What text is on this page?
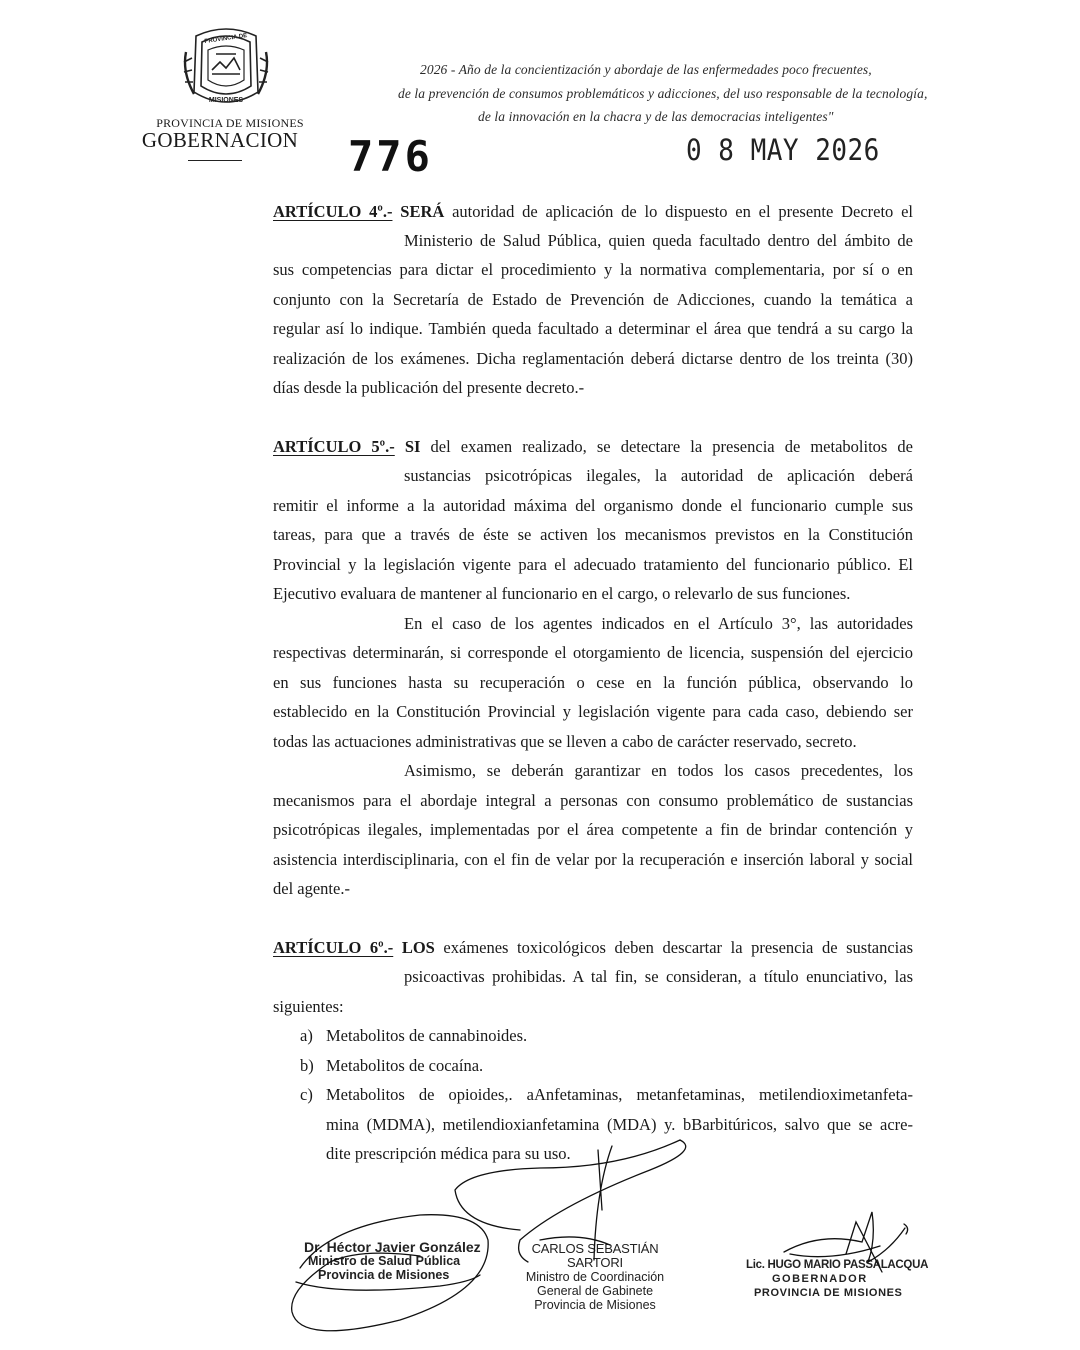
PROVINCIA DE
MISIONES
PROVINCIA DE MISIONES
GOBERNACION
2026 - Año de la concientización y abordaje de las enfermedades poco frecuentes,
de la prevención de consumos problemáticos y adicciones, del uso responsable de la tecnología,
de la innovación en la chacra y de las democracias inteligentes"
776	0 8 MAY 2026
ARTÍCULO 4º.- SERÁ autoridad de aplicación de lo dispuesto en el presente Decreto el
Ministerio de Salud Pública, quien queda facultado dentro del ámbito de
sus competencias para dictar el procedimiento y la normativa complementaria, por sí o en
conjunto con la Secretaría de Estado de Prevención de Adicciones, cuando la temática a
regular así lo indique. También queda facultado a determinar el área que tendrá a su cargo la
realización de los exámenes. Dicha reglamentación deberá dictarse dentro de los treinta (30)
días desde la publicación del presente decreto.-
ARTÍCULO 5º.- SI del examen realizado, se detectare la presencia de metabolitos de
sustancias psicotrópicas ilegales, la autoridad de aplicación deberá
remitir el informe a la autoridad máxima del organismo donde el funcionario cumple sus
tareas, para que a través de éste se activen los mecanismos previstos en la Constitución
Provincial y la legislación vigente para el adecuado tratamiento del funcionario público. El
Ejecutivo evaluara de mantener al funcionario en el cargo, o relevarlo de sus funciones.
En el caso de los agentes indicados en el Artículo 3°, las autoridades
respectivas determinarán, si corresponde el otorgamiento de licencia, suspensión del ejercicio
en sus funciones hasta su recuperación o cese en la función pública, observando lo
establecido en la Constitución Provincial y legislación vigente para cada caso, debiendo ser
todas las actuaciones administrativas que se lleven a cabo de carácter reservado, secreto.
Asimismo, se deberán garantizar en todos los casos precedentes, los
mecanismos para el abordaje integral a personas con consumo problemático de sustancias
psicotrópicas ilegales, implementadas por el área competente a fin de brindar contención y
asistencia interdisciplinaria, con el fin de velar por la recuperación e inserción laboral y social
del agente.-
ARTÍCULO 6º.- LOS exámenes toxicológicos deben descartar la presencia de sustancias
psicoactivas prohibidas. A tal fin, se consideran, a título enunciativo, las
siguientes:
a) Metabolitos de cannabinoides.
b) Metabolitos de cocaína.
c) Metabolitos de opioides,. aAnfetaminas, metanfetaminas, metilendioximetanfeta-
mina (MDMA), metilendioxianfetamina (MDA) y. bBarbitúricos, salvo que se acre-
dite prescripción médica para su uso.
Dr. Héctor Javier González
Ministro de Salud Pública
Provincia de Misiones
CARLOS SEBASTIÁN SARTORI
Ministro de Coordinación
General de Gabinete
Provincia de Misiones
Lic. HUGO MARIO PASSALACQUA
GOBERNADOR
PROVINCIA DE MISIONES
